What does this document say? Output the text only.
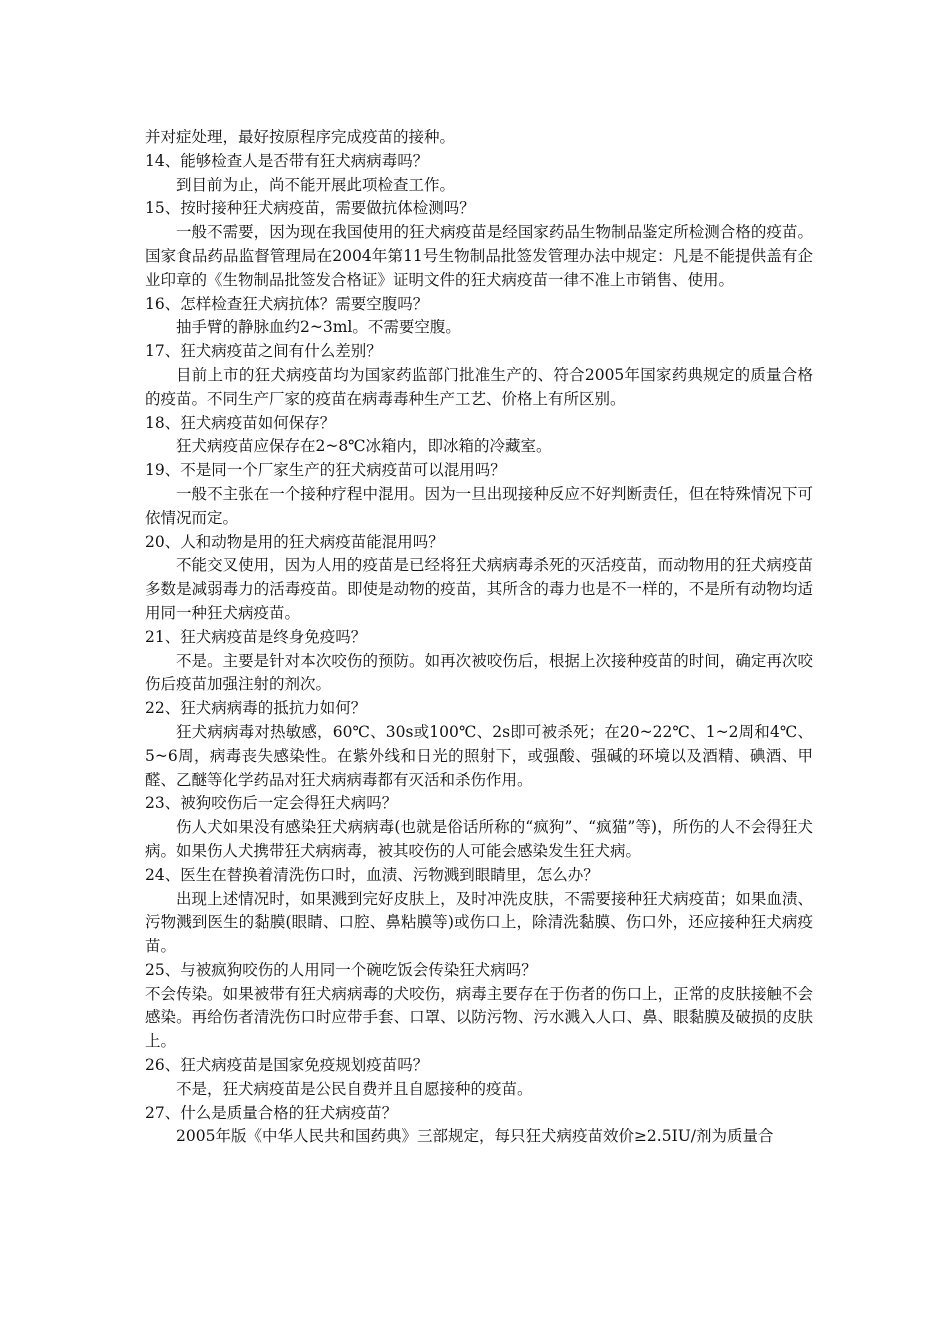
并对症处理，最好按原程序完成疫苗的接种。

14、能够检查人是否带有狂犬病病毒吗？

到目前为止，尚不能开展此项检查工作。

15、按时接种狂犬病疫苗，需要做抗体检测吗？

一般不需要，因为现在我国使用的狂犬病疫苗是经国家药品生物制品鉴定所检测合格的疫苗。国家食品药品监督管理局在2004年第11号生物制品批签发管理办法中规定：凡是不能提供盖有企业印章的《生物制品批签发合格证》证明文件的狂犬病疫苗一律不准上市销售、使用。

16、怎样检查狂犬病抗体？需要空腹吗？

抽手臂的静脉血约2~3ml。不需要空腹。

17、狂犬病疫苗之间有什么差别？

目前上市的狂犬病疫苗均为国家药监部门批准生产的、符合2005年国家药典规定的质量合格的疫苗。不同生产厂家的疫苗在病毒毒种生产工艺、价格上有所区别。

18、狂犬病疫苗如何保存？

狂犬病疫苗应保存在2~8℃冰箱内，即冰箱的冷藏室。

19、不是同一个厂家生产的狂犬病疫苗可以混用吗？

一般不主张在一个接种疗程中混用。因为一旦出现接种反应不好判断责任，但在特殊情况下可依情况而定。

20、人和动物是用的狂犬病疫苗能混用吗？

不能交叉使用，因为人用的疫苗是已经将狂犬病病毒杀死的灭活疫苗，而动物用的狂犬病疫苗多数是减弱毒力的活毒疫苗。即使是动物的疫苗，其所含的毒力也是不一样的，不是所有动物均适用同一种狂犬病疫苗。

21、狂犬病疫苗是终身免疫吗？

不是。主要是针对本次咬伤的预防。如再次被咬伤后，根据上次接种疫苗的时间，确定再次咬伤后疫苗加强注射的剂次。

22、狂犬病病毒的抵抗力如何？

狂犬病病毒对热敏感，60℃、30s或100℃、2s即可被杀死；在20~22℃、1~2周和4℃、5~6周，病毒丧失感染性。在紫外线和日光的照射下，或强酸、强碱的环境以及酒精、碘酒、甲醛、乙醚等化学药品对狂犬病病毒都有灭活和杀伤作用。

23、被狗咬伤后一定会得狂犬病吗？

伤人犬如果没有感染狂犬病病毒(也就是俗话所称的“疯狗”、“疯猫”等)，所伤的人不会得狂犬病。如果伤人犬携带狂犬病病毒，被其咬伤的人可能会感染发生狂犬病。

24、医生在替换着清洗伤口时，血渍、污物溅到眼睛里，怎么办？

出现上述情况时，如果溅到完好皮肤上，及时冲洗皮肤，不需要接种狂犬病疫苗；如果血渍、污物溅到医生的黏膜(眼睛、口腔、鼻粘膜等)或伤口上，除清洗黏膜、伤口外，还应接种狂犬病疫苗。

25、与被疯狗咬伤的人用同一个碗吃饭会传染狂犬病吗？

不会传染。如果被带有狂犬病病毒的犬咬伤，病毒主要存在于伤者的伤口上，正常的皮肤接触不会感染。再给伤者清洗伤口时应带手套、口罩、以防污物、污水溅入人口、鼻、眼黏膜及破损的皮肤上。

26、狂犬病疫苗是国家免疫规划疫苗吗？

不是，狂犬病疫苗是公民自费并且自愿接种的疫苗。

27、什么是质量合格的狂犬病疫苗？

2005年版《中华人民共和国药典》三部规定，每只狂犬病疫苗效价≥2.5IU/剂为质量合
